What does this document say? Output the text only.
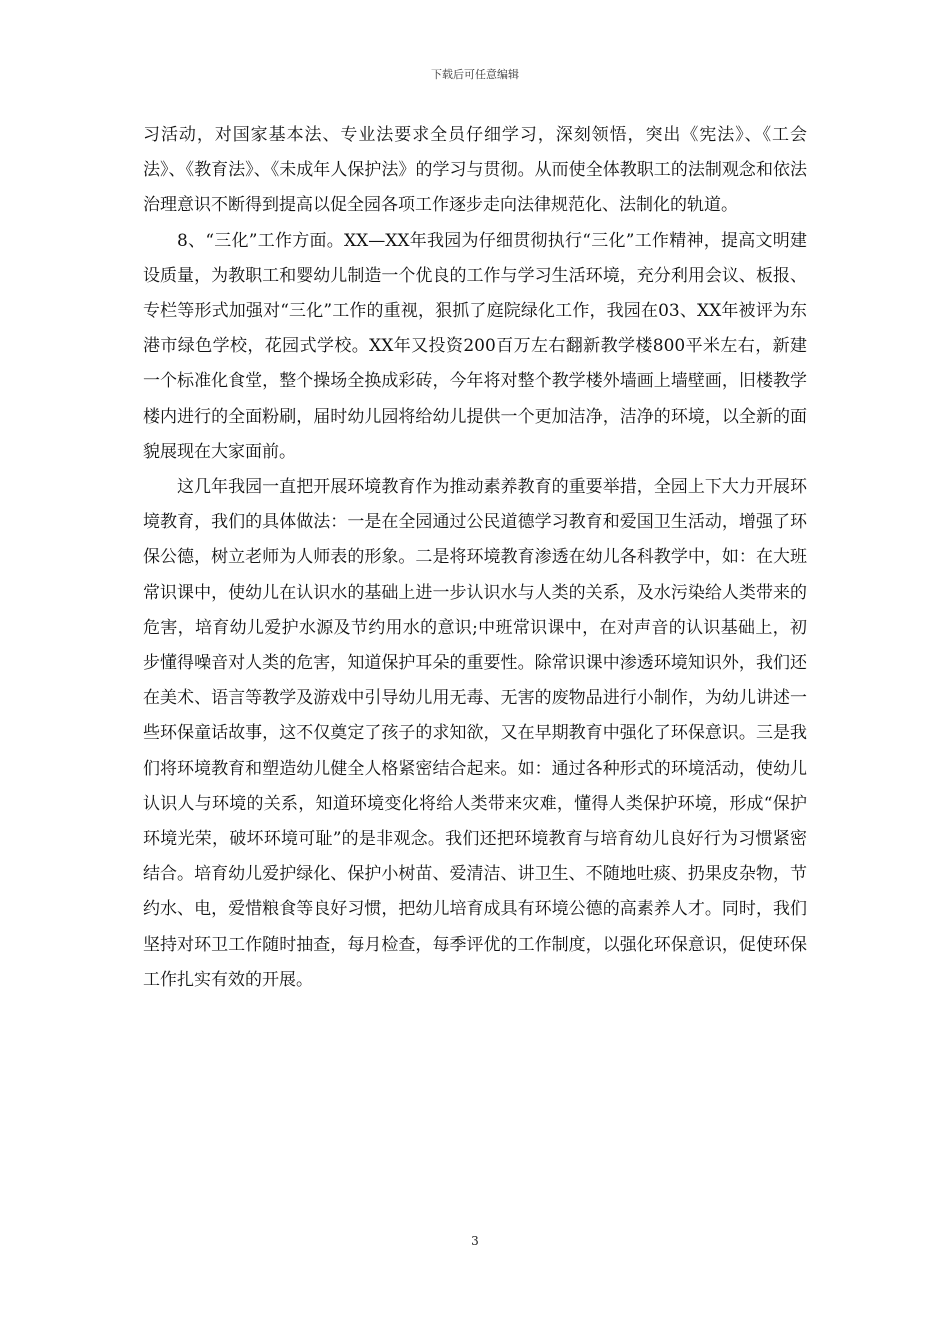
下载后可任意编辑

习活动，对国家基本法、专业法要求全员仔细学习，深刻领悟，突出《宪法》、《工会法》、《教育法》、《未成年人保护法》的学习与贯彻。从而使全体教职工的法制观念和依法治理意识不断得到提高以促全园各项工作逐步走向法律规范化、法制化的轨道。

8、“三化”工作方面。XX—XX年我园为仔细贯彻执行“三化”工作精神，提高文明建设质量，为教职工和婴幼儿制造一个优良的工作与学习生活环境，充分利用会议、板报、专栏等形式加强对“三化”工作的重视，狠抓了庭院绿化工作，我园在03、XX年被评为东港市绿色学校，花园式学校。XX年又投资200百万左右翻新教学楼800平米左右，新建一个标准化食堂，整个操场全换成彩砖，今年将对整个教学楼外墙画上墙壁画，旧楼教学楼内进行的全面粉刷，届时幼儿园将给幼儿提供一个更加洁净，洁净的环境，以全新的面貌展现在大家面前。

这几年我园一直把开展环境教育作为推动素养教育的重要举措，全园上下大力开展环境教育，我们的具体做法：一是在全园通过公民道德学习教育和爱国卫生活动，增强了环保公德，树立老师为人师表的形象。二是将环境教育渗透在幼儿各科教学中，如：在大班常识课中，使幼儿在认识水的基础上进一步认识水与人类的关系，及水污染给人类带来的危害，培育幼儿爱护水源及节约用水的意识;中班常识课中，在对声音的认识基础上，初步懂得噪音对人类的危害，知道保护耳朵的重要性。除常识课中渗透环境知识外，我们还在美术、语言等教学及游戏中引导幼儿用无毒、无害的废物品进行小制作，为幼儿讲述一些环保童话故事，这不仅奠定了孩子的求知欲，又在早期教育中强化了环保意识。三是我们将环境教育和塑造幼儿健全人格紧密结合起来。如：通过各种形式的环境活动，使幼儿认识人与环境的关系，知道环境变化将给人类带来灾难，懂得人类保护环境，形成“保护环境光荣，破坏环境可耻”的是非观念。我们还把环境教育与培育幼儿良好行为习惯紧密结合。培育幼儿爱护绿化、保护小树苗、爱清洁、讲卫生、不随地吐痰、扔果皮杂物，节约水、电，爱惜粮食等良好习惯，把幼儿培育成具有环境公德的高素养人才。同时，我们坚持对环卫工作随时抽查，每月检查，每季评优的工作制度，以强化环保意识，促使环保工作扎实有效的开展。

3
